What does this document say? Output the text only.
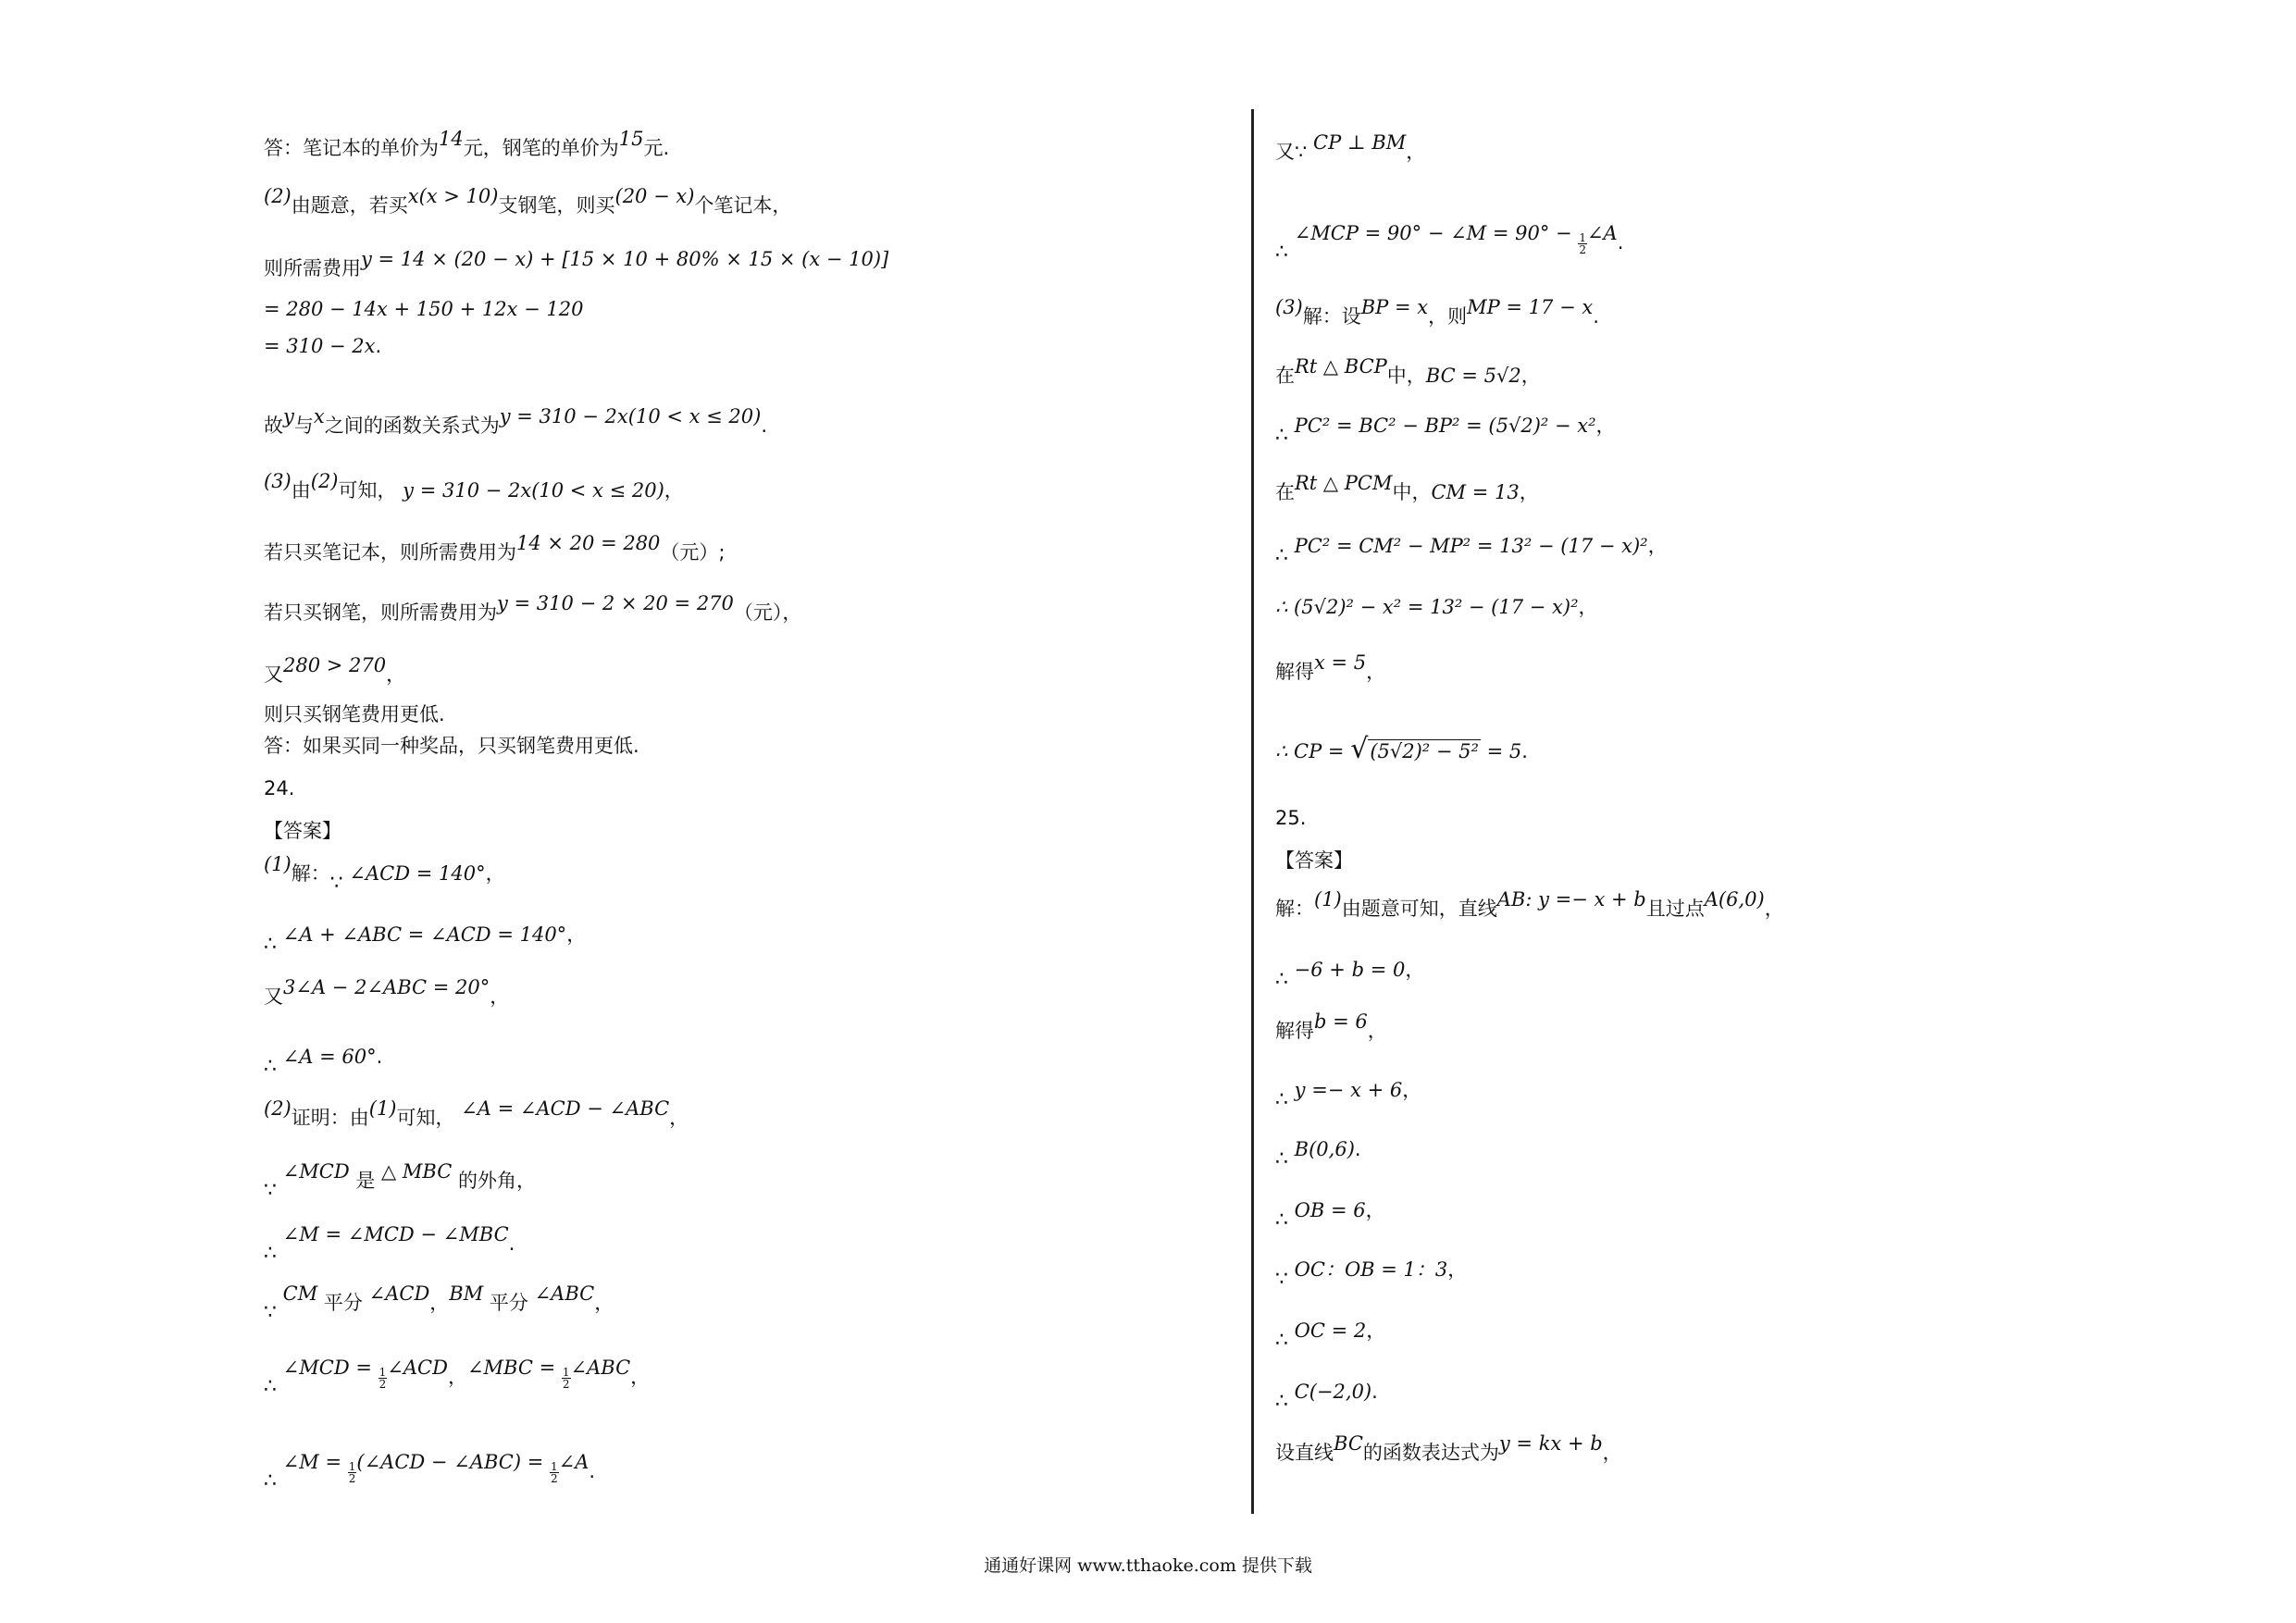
答：笔记本的单价为14元，钢笔的单价为15元.
(2)由题意，若买x(x > 10)支钢笔，则买(20 − x)个笔记本，
则所需费用y = 14 × (20 − x) + [15 × 10 + 80% × 15 × (x − 10)]
= 280 − 14x + 150 + 12x − 120
= 310 − 2x.
故y与x之间的函数关系式为y = 310 − 2x(10 < x ≤ 20).
(3)由(2)可知， y = 310 − 2x(10 < x ≤ 20)，
若只买笔记本，则所需费用为14 × 20 = 280（元）;
若只买钢笔，则所需费用为y = 310 − 2 × 20 = 270（元），
又280 > 270，
则只买钢笔费用更低.
答：如果买同一种奖品，只买钢笔费用更低.
24.
【答案】
(1)解：∵ ∠ACD = 140°，
∴ ∠A + ∠ABC = ∠ACD = 140°，
又3∠A − 2∠ABC = 20°，
∴ ∠A = 60°.
(2)证明：由(1)可知， ∠A = ∠ACD − ∠ABC，
∵ ∠MCD 是 △ MBC 的外角，
∴ ∠M = ∠MCD − ∠MBC.
∵ CM 平分 ∠ACD，BM 平分 ∠ABC，
∴ ∠MCD = $\frac{1}{2}$ ∠ACD，∠MBC = $\frac{1}{2}$ ∠ABC，
∴ ∠M = $\frac{1}{2}$ (∠ACD − ∠ABC) = $\frac{1}{2}$ ∠A.
又∵ CP ⊥ BM，
∴ ∠MCP = 90° − ∠M = $90^\circ - \frac{1}{2}$ ∠A.
(3)解：设BP = x，则MP = 17 − x.
在Rt △ BCP中，BC = 5√2，
∴ PC² = BC² − BP² = (5√2)² − x²，
在Rt △ PCM中，CM = 13，
∴ PC² = CM² − MP² = 13² − (17 − x)²，
∴ (5√2)² − x² = 13² − (17 − x)²，
解得x = 5，
∴ CP = √(5√2)² − 5² = 5.
25.
【答案】
解：(1)由题意可知，直线AB: y =− x + b且过点A(6,0)，
∴ −6 + b = 0，
解得b = 6，
∴ y =− x + 6，
∴ B(0,6).
∴ OB = 6，
∵ OC：OB = 1：3，
∴ OC = 2，
∴ C(−2,0).
设直线BC的函数表达式为y = kx + b，
通通好课网 www.tthaoke.com 提供下载
